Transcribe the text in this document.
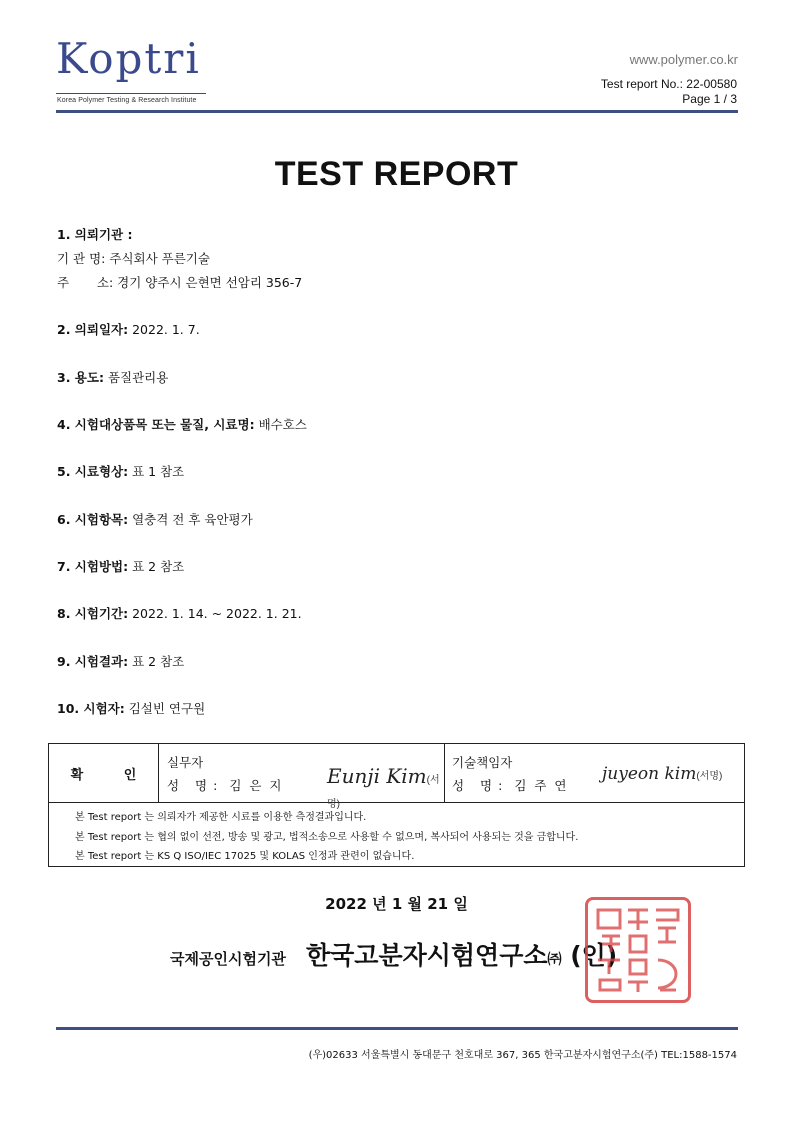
Koptri
Korea Polymer Testing & Research Institute
www.polymer.co.kr
Test report No.: 22-00580
Page 1 / 3
TEST REPORT
1. 의뢰기관 :
기 관 명: 주식회사 푸른기술
주       소: 경기 양주시 은현면 선암리 356-7
2. 의뢰일자: 2022. 1. 7.
3. 용도: 품질관리용
4. 시험대상품목 또는 물질, 시료명: 배수호스
5. 시료형상: 표 1 참조
6. 시험항목: 열충격 전 후 육안평가
7. 시험방법: 표 2 참조
8. 시험기간: 2022. 1. 14. ~ 2022. 1. 21.
9. 시험결과: 표 2 참조
10. 시험자: 김설빈 연구원
확 인
실무자
성 명: 김 은 지 Eunji Kim(서명)
기술책임자
성 명: 김 주 연
juyeon kim(서명)
본 Test report 는 의뢰자가 제공한 시료를 이용한 측정결과입니다.
본 Test report 는 협의 없이 선전, 방송 및 광고, 법적소송으로 사용할 수 없으며, 복사되어 사용되는 것을 금합니다.
본 Test report 는 KS Q ISO/IEC 17025 및 KOLAS 인정과 관련이 없습니다.
2022 년 1 월 21 일
국제공인시험기관 한국고분자시험연구소㈜ (인)
(우)02633 서울특별시 동대문구 천호대로 367, 365 한국고분자시험연구소(주) TEL:1588-1574
